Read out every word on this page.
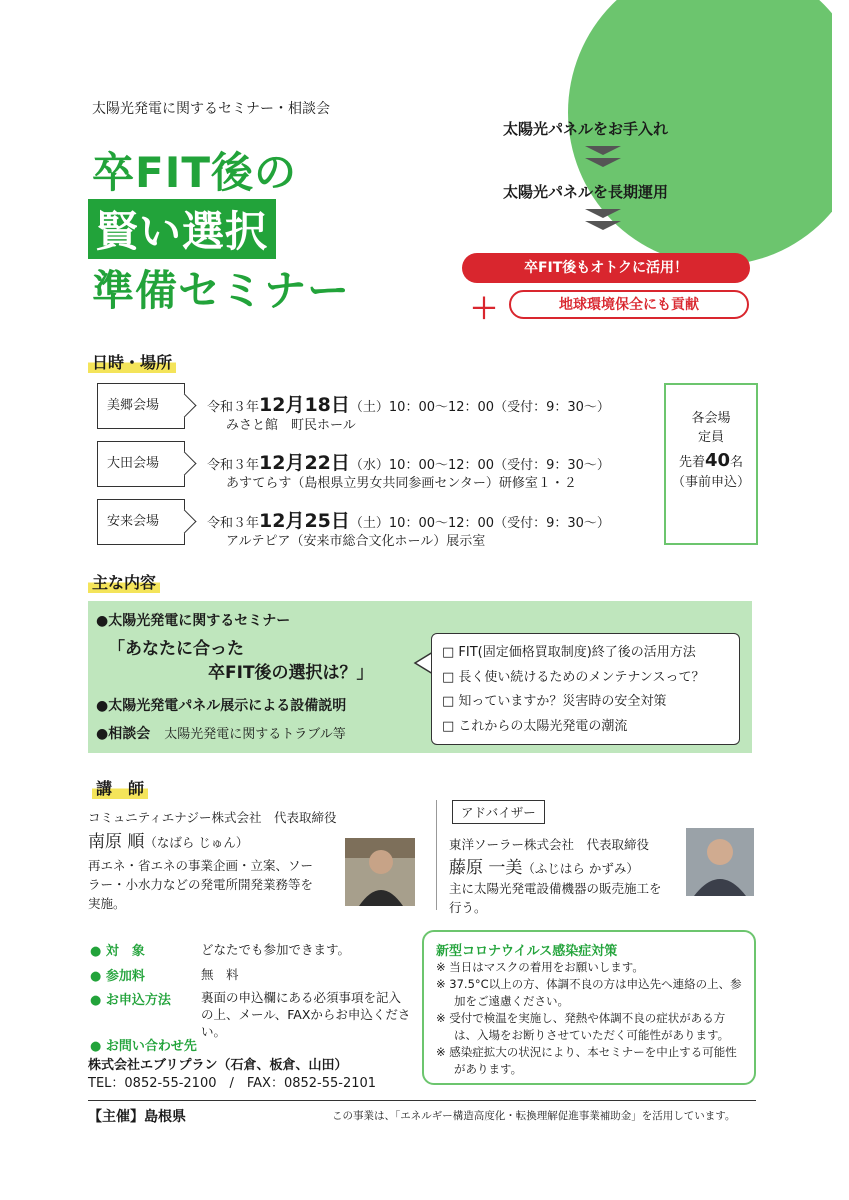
太陽光発電に関するセミナー・相談会
卒FIT後の
賢い選択
準備セミナー
太陽光パネルをお手入れ
太陽光パネルを長期運用
卒FIT後もオトクに活用！
＋	地球環境保全にも貢献
日時・場所
美郷会場	令和３年12月18日（土）10：00〜12：00（受付：9：30〜）
みさと館　町民ホール
大田会場	令和３年12月22日（水）10：00〜12：00（受付：9：30〜）
あすてらす（島根県立男女共同参画センター）研修室１・２
安来会場	令和３年12月25日（土）10：00〜12：00（受付：9：30〜）
アルテピア（安来市総合文化ホール）展示室
各会場
定員
先着40名
（事前申込）
主な内容
●太陽光発電に関するセミナー
「あなたに合った
卒FIT後の選択は？」
●太陽光発電パネル展示による設備説明
●相談会　 太陽光発電に関するトラブル等
□ FIT(固定価格買取制度)終了後の活用方法
□ 長く使い続けるためのメンテナンスって？
□ 知っていますか？災害時の安全対策
□ これからの太陽光発電の潮流
講　師
コミュニティエナジー株式会社　代表取締役
南原 順（なばら じゅん）
再エネ・省エネの事業企画・立案、ソー
ラー・小水力などの発電所開発業務等を
実施。
アドバイザー
東洋ソーラー株式会社　代表取締役
藤原 一美（ふじはら かずみ）
主に太陽光発電設備機器の販売施工を
行う。
● 対　象	どなたでも参加できます。
● 参加料	無　料
● お申込方法 裏面の申込欄にある必須事項を記入
の上、メール、FAXからお申込くださ
い。
● お問い合わせ先
株式会社エブリプラン（石倉、板倉、山田）
TEL：0852-55-2100　/　FAX：0852-55-2101
新型コロナウイルス感染症対策
※ 当日はマスクの着用をお願いします。
※ 37.5°C以上の方、体調不良の方は申込先へ連絡の上、参加をご遠慮ください。
※ 受付で検温を実施し、発熱や体調不良の症状がある方は、入場をお断りさせていただく可能性があります。
※ 感染症拡大の状況により、本セミナーを中止する可能性があります。
【主催】島根県	この事業は、「エネルギー構造高度化・転換理解促進事業補助金」を活用しています。
